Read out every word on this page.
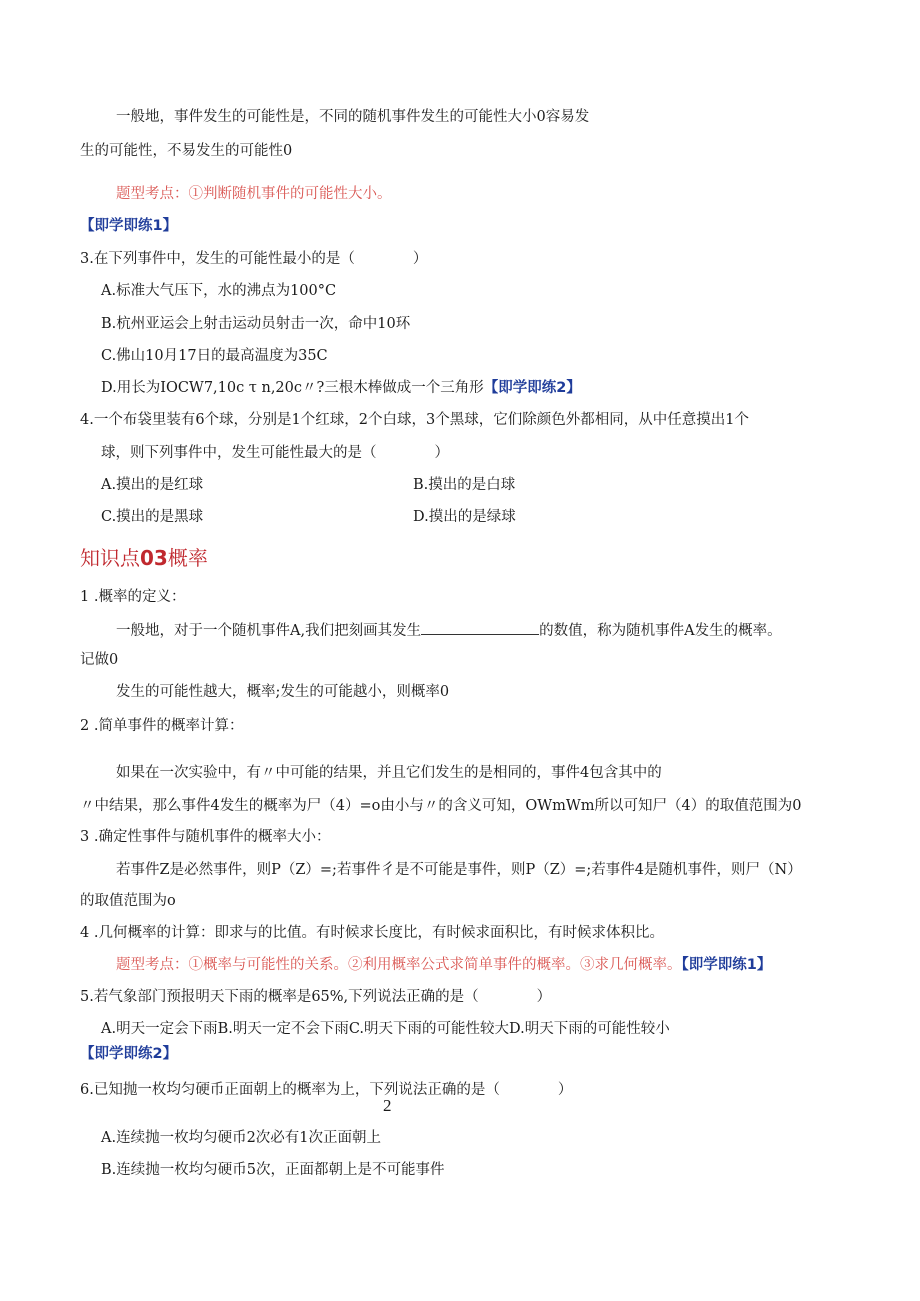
一般地，事件发生的可能性是，不同的随机事件发生的可能性大小0容易发
生的可能性，不易发生的可能性0
题型考点：①判断随机事件的可能性大小。
【即学即练1】
3.在下列事件中，发生的可能性最小的是（　　　　）
A.标准大气压下，水的沸点为100°C
B.杭州亚运会上射击运动员射击一次，命中10环
C.佛山10月17日的最高温度为35C
D.用长为IOCW7,10c τ n,20c〃?三根木棒做成一个三角形【即学即练2】
4.一个布袋里装有6个球，分别是1个红球，2个白球，3个黑球，它们除颜色外都相同，从中任意摸出1个
球，则下列事件中，发生可能性最大的是（　　　　）
A.摸出的是红球	B.摸出的是白球
C.摸出的是黑球	D.摸出的是绿球
知识点03概率
1 .概率的定义：
一般地，对于一个随机事件A,我们把刻画其发生	的数值，称为随机事件A发生的概率。
记做0
发生的可能性越大，概率;发生的可能越小，则概率0
2 .简单事件的概率计算：
如果在一次实验中，有〃中可能的结果，并且它们发生的是相同的，事件4包含其中的
〃中结果，那么事件4发生的概率为尸（4）=o由小与〃的含义可知，OWmWm所以可知尸（4）的取值范围为0
3 .确定性事件与随机事件的概率大小：
若事件Z是必然事件，则P（Z）=;若事件彳是不可能是事件，则P（Z）=;若事件4是随机事件，则尸（N）
的取值范围为o
4 .几何概率的计算：即求与的比值。有时候求长度比，有时候求面积比，有时候求体积比。
题型考点：①概率与可能性的关系。②利用概率公式求简单事件的概率。③求几何概率。【即学即练1】
5.若气象部门预报明天下雨的概率是65%,下列说法正确的是（　　　　）
A.明天一定会下雨B.明天一定不会下雨C.明天下雨的可能性较大D.明天下雨的可能性较小
【即学即练2】
6.已知抛一枚均匀硬币正面朝上的概率为上，下列说法正确的是（　　　　）
2
A.连续抛一枚均匀硬币2次必有1次正面朝上
B.连续抛一枚均匀硬币5次，正面都朝上是不可能事件
